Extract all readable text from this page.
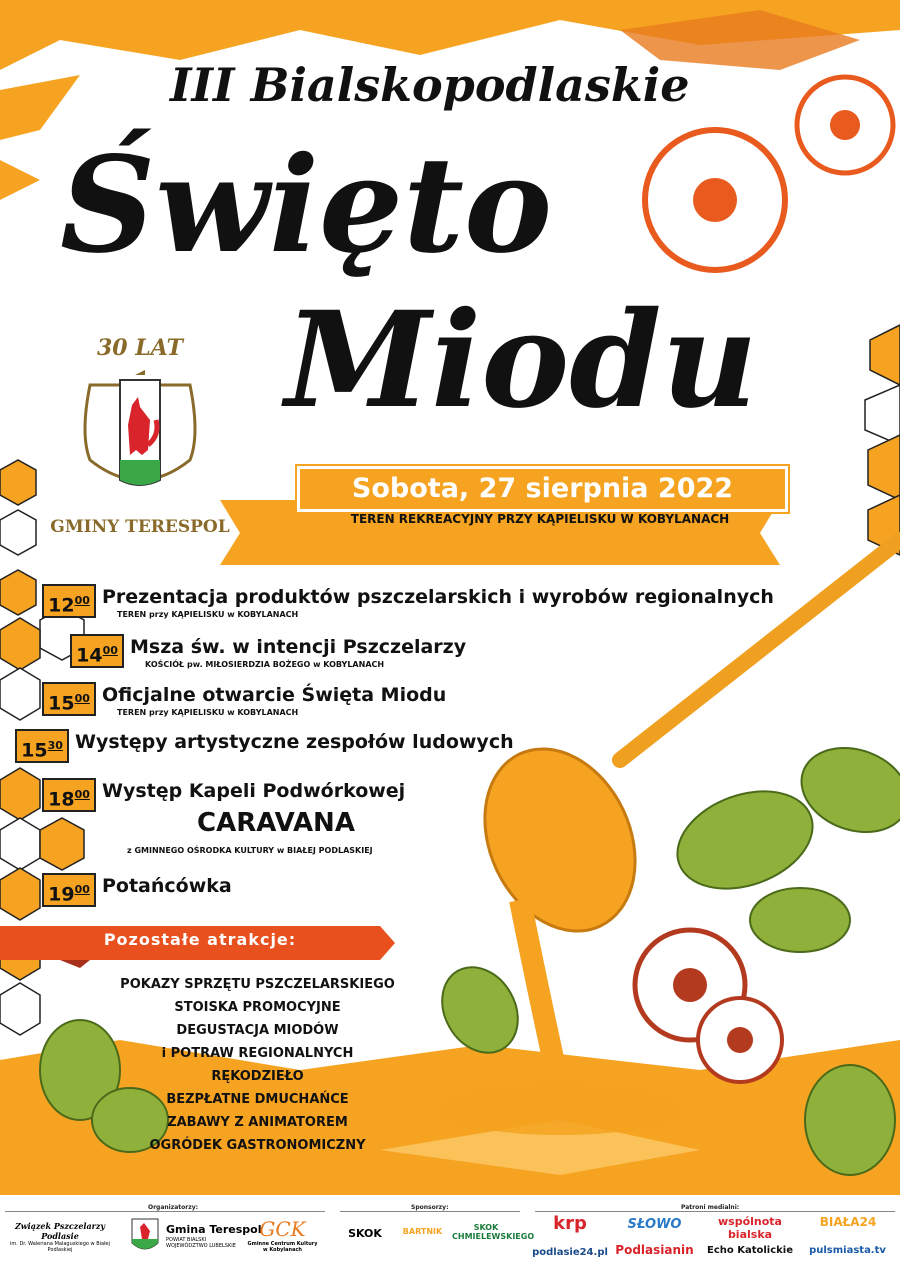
III Bialskopodlaskie
Święto
Miodu
30 LAT
GMINY TERESPOL
Sobota, 27 sierpnia 2022
TEREN REKREACYJNY PRZY KĄPIELISKU W KOBYLANACH
$12^{00}$ Prezentacja produktów pszczelarskich i wyrobów regionalnych
TEREN przy KĄPIELISKU w KOBYLANACH
$14^{00}$ Msza św. w intencji Pszczelarzy
KOŚCIÓŁ pw. MIŁOSIERDZIA BOŻEGO w KOBYLANACH
$15^{00}$ Oficjalne otwarcie Święta Miodu
TEREN przy KĄPIELISKU w KOBYLANACH
$15^{30}$ Występy artystyczne zespołów ludowych
$18^{00}$ Występ Kapeli Podwórkowej
CARAVANA
z GMINNEGO OŚRODKA KULTURY w BIAŁEJ PODLASKIEJ
$19^{00}$ Potańcówka
Pozostałe atrakcje:
POKAZY SPRZĘTU PSZCZELARSKIEGO
STOISKA PROMOCYJNE
DEGUSTACJA MIODÓW
i POTRAW REGIONALNYCH
RĘKODZIEŁO
BEZPŁATNE DMUCHAŃCE
ZABAWY Z ANIMATOREM
OGRÓDEK GASTRONOMICZNY
Organizatorzy:	Sponsorzy:	Patroni medialni:
Związek Pszczelarzy Podlasie
im. Dr. Waleriana Malaguskiego w Białej Podlaskiej
Gmina Terespol
POWIAT BIALSKI WOJEWÓDZTWO LUBELSKIE
GCK
Gminne Centrum Kultury w Kobylanach
SKOK	BARTNIK	SKOK CHMIELEWSKIEGO
krp	SŁOWO	wspólnota bialska
BIAŁA24
podlasie24.pl Podlasianin	Echo Katolickie	pulsmiasta.tv
